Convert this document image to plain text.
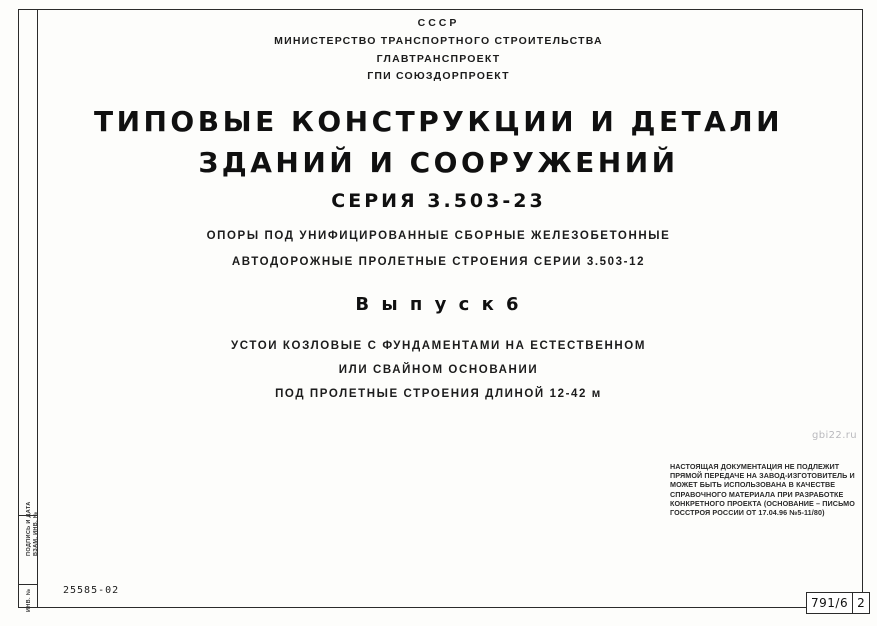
СССР
МИНИСТЕРСТВО ТРАНСПОРТНОГО СТРОИТЕЛЬСТВА
ГЛАВТРАНСПРОЕКТ
ГПИ СОЮЗДОРПРОЕКТ
ТИПОВЫЕ КОНСТРУКЦИИ И ДЕТАЛИ
ЗДАНИЙ И СООРУЖЕНИЙ
СЕРИЯ 3.503-23
ОПОРЫ ПОД УНИФИЦИРОВАННЫЕ СБОРНЫЕ ЖЕЛЕЗОБЕТОННЫЕ
АВТОДОРОЖНЫЕ ПРОЛЕТНЫЕ СТРОЕНИЯ СЕРИИ 3.503-12
В ы п у с к 6
УСТОИ КОЗЛОВЫЕ С ФУНДАМЕНТАМИ НА ЕСТЕСТВЕННОМ
ИЛИ СВАЙНОМ ОСНОВАНИИ
ПОД ПРОЛЕТНЫЕ СТРОЕНИЯ ДЛИНОЙ 12-42 м
gbi22.ru
НАСТОЯЩАЯ ДОКУМЕНТАЦИЯ НЕ ПОДЛЕЖИТ
ПРЯМОЙ ПЕРЕДАЧЕ НА ЗАВОД-ИЗГОТОВИТЕЛЬ И
МОЖЕТ БЫТЬ ИСПОЛЬЗОВАНА В КАЧЕСТВЕ
СПРАВОЧНОГО МАТЕРИАЛА ПРИ РАЗРАБОТКЕ
КОНКРЕТНОГО ПРОЕКТА (ОСНОВАНИЕ – ПИСЬМО
ГОССТРОЯ РОССИИ ОТ 17.04.96 №5-11/80)
ПОДПИСЬ И ДАТА ВЗАМ. ИНВ. №
ИНВ. №	25585-02
791/6 2
